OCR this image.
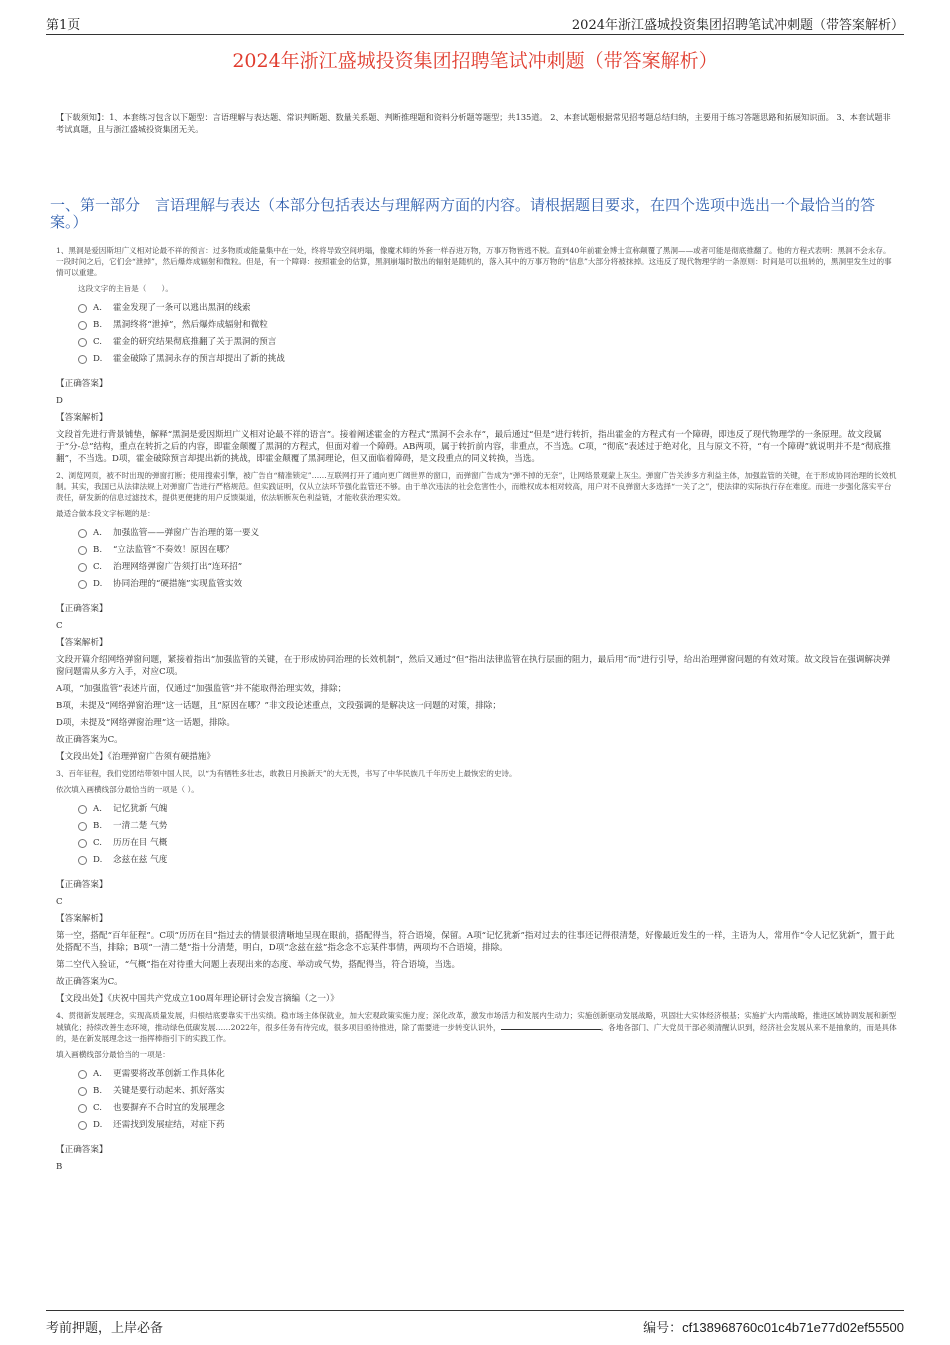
第1页	2024年浙江盛城投资集团招聘笔试冲刺题（带答案解析）
2024年浙江盛城投资集团招聘笔试冲刺题（带答案解析）

【下载须知】：1、本套练习包含以下题型：言语理解与表达题、常识判断题、数量关系题、判断推理题和资料分析题等题型；共135道。 2、本套试题根据常见招考题总结归纳，主要用于练习答题思路和拓展知识面。 3、本套试题非考试真题，且与浙江盛城投资集团无关。

一、第一部分　言语理解与表达（本部分包括表达与理解两方面的内容。请根据题目要求，在四个选项中选出一个最恰当的答案。）

1、黑洞是爱因斯坦广义相对论最不祥的预言：过多物质或能量集中在一处，终将导致空间坍塌，像魔术师的外套一样吞进万物，万事万物皆逃不脱。直到40年前霍金博士宣称颠覆了黑洞——或者可能是彻底推翻了。他的方程式表明：黑洞不会永存。一段时间之后，它们会“泄掉”，然后爆炸成辐射和微粒。但是，有一个障碍：按照霍金的估算，黑洞崩塌时散出的辐射是随机的，落入其中的万事万物的“信息”大部分将被抹掉。这违反了现代物理学的一条原则：时间是可以扭转的，黑洞里发生过的事情可以重建。

这段文字的主旨是（　　）。

A.	霍金发现了一条可以逃出黑洞的线索
B.	黑洞终将“泄掉”，然后爆炸成辐射和微粒
C.	霍金的研究结果彻底推翻了关于黑洞的预言
D.	霍金破除了黑洞永存的预言却提出了新的挑战

【正确答案】

D

【答案解析】

文段首先进行背景铺垫，解释“黑洞是爱因斯坦广义相对论最不祥的语言”。接着阐述霍金的方程式“黑洞不会永存”，最后通过“但是”进行转折，指出霍金的方程式有一个障碍，即违反了现代物理学的一条原理。故文段属于“分-总”结构，重点在转折之后的内容，即霍金颠覆了黑洞的方程式，但面对着一个障碍。AB两项，属于转折前内容，非重点，不当选。C项，“彻底”表述过于绝对化，且与原文不符，“有一个障碍”就说明并不是“彻底推翻”，不当选。D项，霍金破除预言却提出新的挑战，即霍金颠覆了黑洞理论，但又面临着障碍，是文段重点的同义转换，当选。

2、浏览网页，被不时出现的弹窗打断；使用搜索引擎，被广告自“精准锁定”……互联网打开了通向更广阔世界的窗口，而弹窗广告成为“弹不掉的无奈”，让网络景观蒙上灰尘。弹窗广告关涉多方利益主体，加强监管的关键，在于形成协同治理的长效机制。其实，我国已从法律法规上对弹窗广告进行严格规范。但实践证明，仅从立法环节强化监管还不够。由于单次违法的社会危害性小，而维权成本相对较高，用户对不良弹窗大多选择“一关了之”，使法律的实际执行存在难度。而进一步强化落实平台责任，研发新的信息过滤技术，提供更便捷的用户反馈渠道，依法斩断灰色利益链，才能收获治理实效。

最适合做本段文字标题的是：

A.	加强监管——弹窗广告治理的第一要义
B.	“立法监管”不奏效！原因在哪？
C.	治理网络弹窗广告须打出“连环招”
D.	协同治理的“硬措施”实现监管实效

【正确答案】

C

【答案解析】

文段开篇介绍网络弹窗问题，紧接着指出“加强监管的关键，在于形成协同治理的长效机制”，然后又通过“但”指出法律监管在执行层面的阻力，最后用“而”进行引导，给出治理弹窗问题的有效对策。故文段旨在强调解决弹窗问题需从多方入手，对应C项。

A项，“加强监管”表述片面，仅通过“加强监管”并不能取得治理实效，排除；

B项，未提及“网络弹窗治理”这一话题，且“原因在哪？”非文段论述重点，文段强调的是解决这一问题的对策，排除；

D项，未提及“网络弹窗治理”这一话题，排除。

故正确答案为C。

【文段出处】《治理弹窗广告须有硬措施》

3、百年征程，我们党团结带领中国人民，以“为有牺牲多壮志，敢教日月换新天”的大无畏，书写了中华民族几千年历史上最恢宏的史诗。

依次填入画横线部分最恰当的一项是（ ）。

A.	记忆犹新 气魄
B.	一清二楚 气势
C.	历历在目 气概
D.	念兹在兹 气度

【正确答案】

C

【答案解析】

第一空，搭配“百年征程”。C项“历历在目”指过去的情景很清晰地呈现在眼前，搭配得当，符合语境，保留。A项“记忆犹新”指对过去的往事还记得很清楚，好像最近发生的一样，主语为人，常用作“令人记忆犹新”，置于此处搭配不当，排除；B项“一清二楚”指十分清楚，明白，D项“念兹在兹”指念念不忘某件事情，两项均不合语境，排除。

第二空代入验证，“气概”指在对待重大问题上表现出来的态度、举动或气势，搭配得当，符合语境，当选。

故正确答案为C。

【文段出处】《庆祝中国共产党成立100周年理论研讨会发言摘编（之一）》

4、贯彻新发展理念，实现高质量发展，归根结底要靠实干出实绩。稳市场主体保就业，加大宏观政策实施力度；深化改革，激发市场活力和发展内生动力；实施创新驱动发展战略，巩固壮大实体经济根基；实施扩大内需战略，推进区域协调发展和新型城镇化；持续改善生态环境，推动绿色低碳发展……2022年，很多任务有待完成，很多项目亟待推进，除了需要进一步转变认识外，	。各地各部门、广大党员干部必须清醒认识到，经济社会发展从来不是抽象的，而是具体的，是在新发展理念这一指挥棒指引下的实践工作。

填入画横线部分最恰当的一项是：

A.	更需要将改革创新工作具体化
B.	关键是要行动起来、抓好落实
C.	也要摒弃不合时宜的发展理念
D.	还需找到发展症结，对症下药

【正确答案】

B

考前押题，上岸必备	编号：cf138968760c01c4b71e77d02ef55500
